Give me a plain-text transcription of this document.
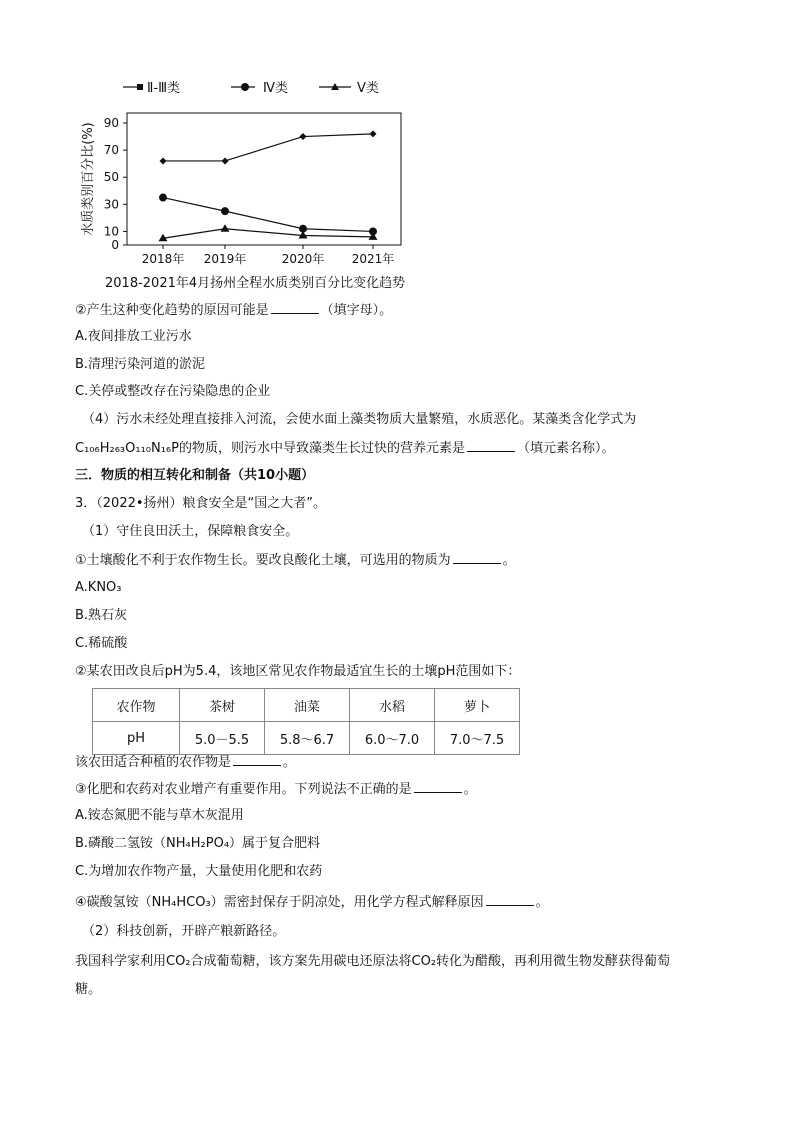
Ⅱ-Ⅲ类	Ⅳ类	Ⅴ类
0
10
30
50
70
90
2018年 2019年	2020年 2021年
水质类别百分比(%)
2018-2021年4月扬州全程水质类别百分比变化趋势
②产生这种变化趋势的原因可能是	（填字母）。
A.夜间排放工业污水
B.清理污染河道的淤泥
C.关停或整改存在污染隐患的企业
（4）污水未经处理直接排入河流，会使水面上藻类物质大量繁殖，水质恶化。某藻类含化学式为
C₁₀₆H₂₆₃O₁₁₀N₁₆P的物质，则污水中导致藻类生长过快的营养元素是	（填元素名称）。
三．物质的相互转化和制备（共10小题）
3．（2022•扬州）粮食安全是“国之大者”。
（1）守住良田沃土，保障粮食安全。
①土壤酸化不利于农作物生长。要改良酸化土壤，可选用的物质为	。
A.KNO₃
B.熟石灰
C.稀硫酸
②某农田改良后pH为5.4，该地区常见农作物最适宜生长的土壤pH范围如下：
农作物	茶树	油菜	水稻	萝卜
pH	5.0－5.5	5.8～6.7	6.0～7.0	7.0～7.5
该农田适合种植的农作物是	。
③化肥和农药对农业增产有重要作用。下列说法不正确的是	。
A.铵态氮肥不能与草木灰混用
B.磷酸二氢铵（NH₄H₂PO₄）属于复合肥料
C.为增加农作物产量，大量使用化肥和农药
④碳酸氢铵（NH₄HCO₃）需密封保存于阴凉处，用化学方程式解释原因	。
（2）科技创新，开辟产粮新路径。
我国科学家利用CO₂合成葡萄糖，该方案先用碳电还原法将CO₂转化为醋酸，再利用微生物发酵获得葡萄
糖。
